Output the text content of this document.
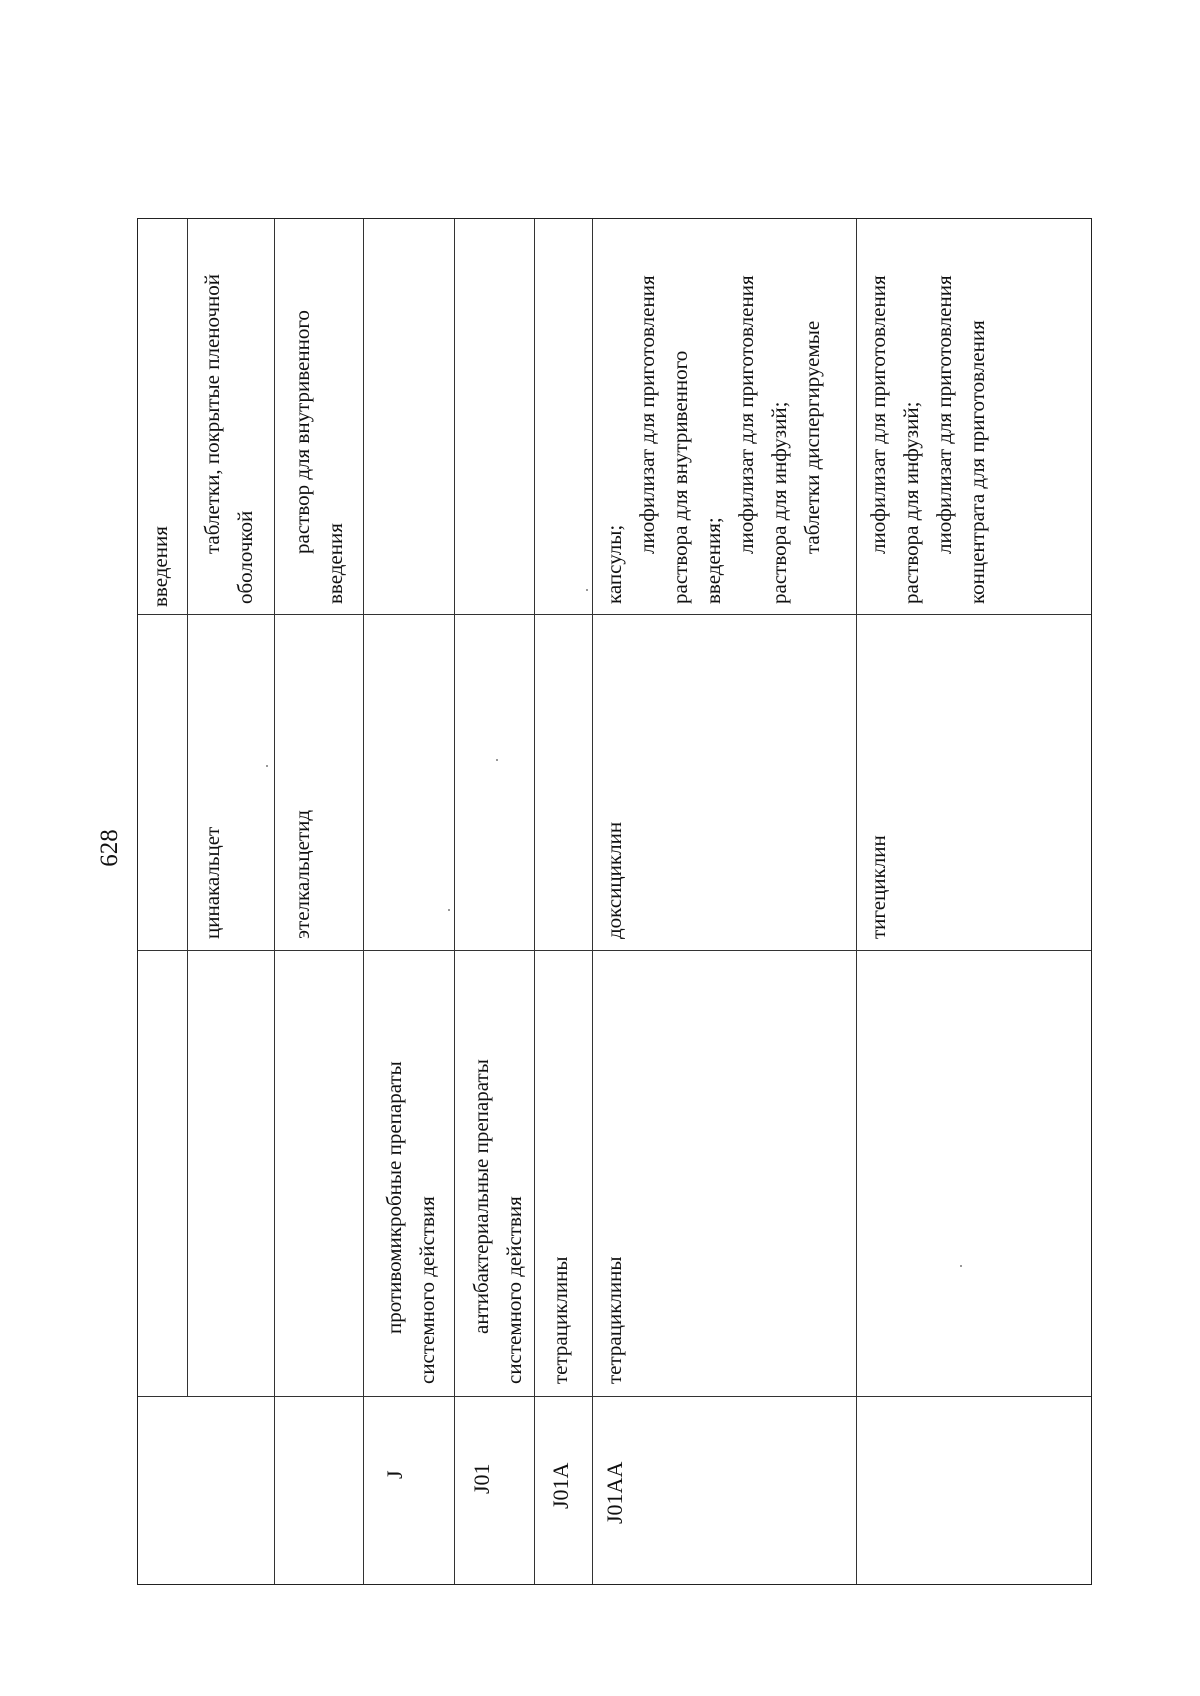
628
введения
цинакальцет
таблетки, покрытые пленочной
оболочкой
этелкальцетид
раствор для внутривенного
введения
J
противомикробные препараты системного действия
J01
антибактериальные препараты системного действия
J01A
тетрациклины
J01AA
тетрациклины
доксициклин
капсулы;
лиофилизат для приготовления раствора для внутривенного введения;
лиофилизат для приготовления раствора для инфузий; таблетки диспергируемые
тигециклин
лиофилизат для приготовления раствора для инфузий; лиофилизат для приготовления концентрата для приготовления
